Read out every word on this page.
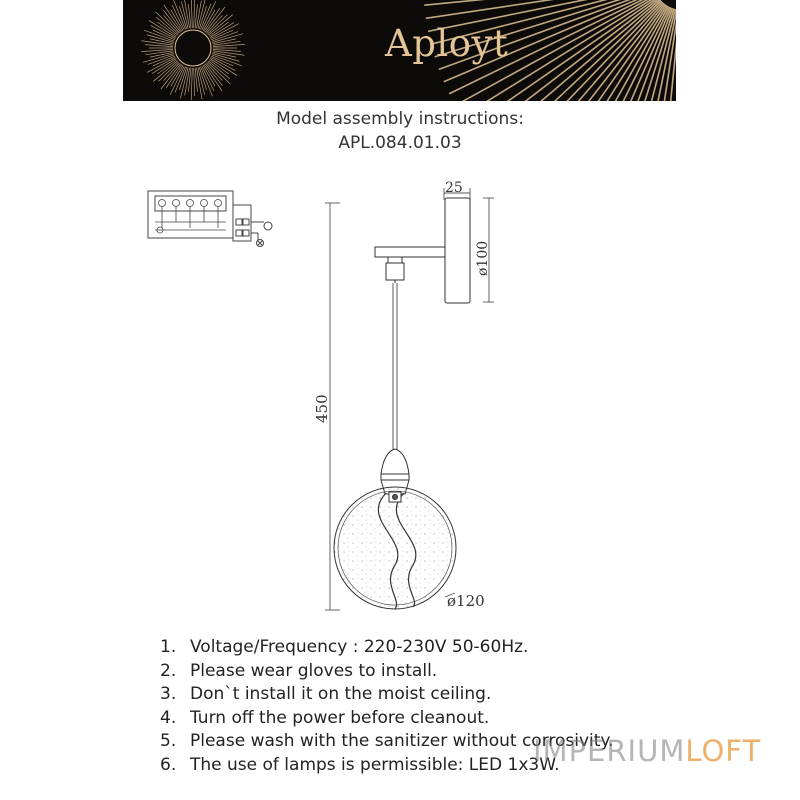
Aployt
Model assembly instructions:
APL.084.01.03
25
ø100
450
ø120
1. Voltage/Frequency : 220-230V 50-60Hz.
2. Please wear gloves to install.
3. Don`t install it on the moist ceiling.
4. Turn off the power before cleanout.
5. Please wash with the sanitizer without corrosivity.
6. The use of lamps is permissible: LED 1x3W.
IMPERIUMLOFT
